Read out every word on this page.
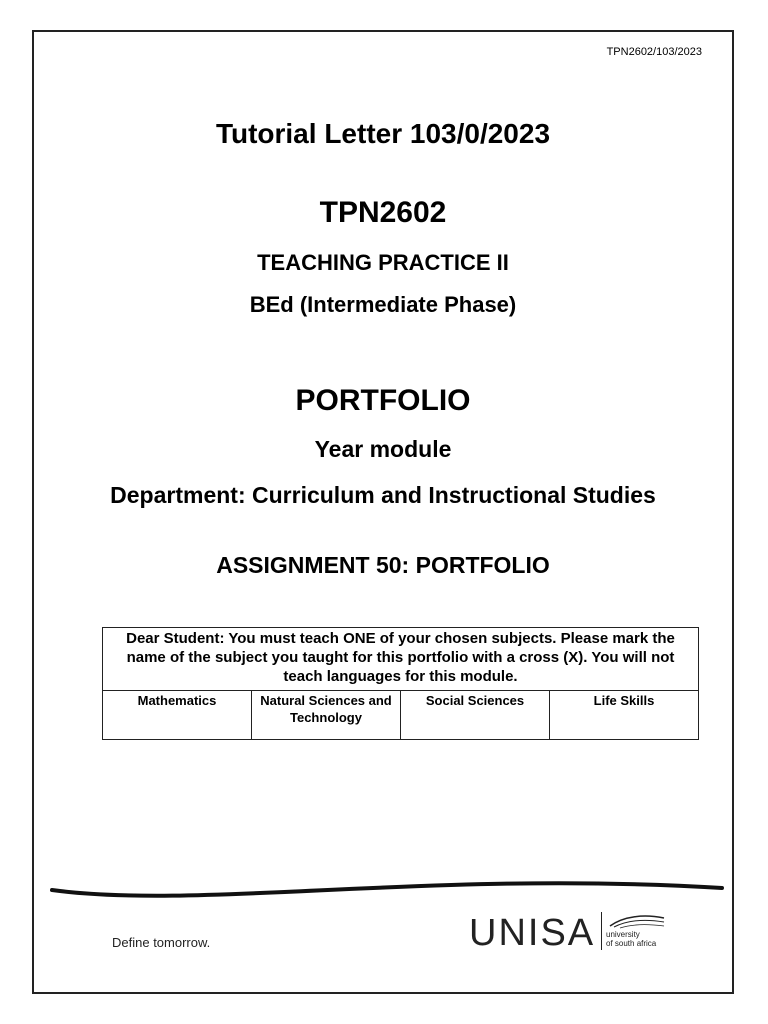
TPN2602/103/2023
Tutorial Letter 103/0/2023
TPN2602
TEACHING PRACTICE II
BEd (Intermediate Phase)
PORTFOLIO
Year module
Department: Curriculum and Instructional Studies
ASSIGNMENT 50: PORTFOLIO
Dear Student: You must teach ONE of your chosen subjects. Please mark the name of the subject you taught for this portfolio with a cross (X). You will not teach languages for this module.
Mathematics	Natural Sciences and Technology	Social Sciences	Life Skills
Define tomorrow.	UNISA university
of south africa
